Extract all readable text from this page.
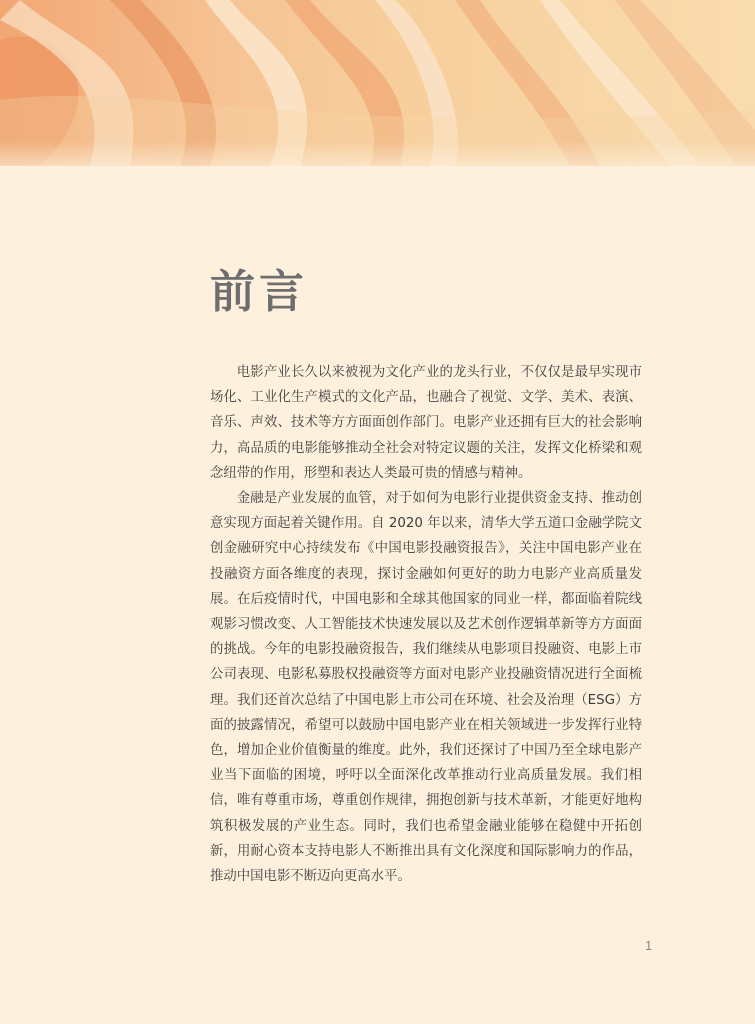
前言

电影产业长久以来被视为文化产业的龙头行业，不仅仅是最早实现市场化、工业化生产模式的文化产品，也融合了视觉、文学、美术、表演、音乐、声效、技术等方方面面创作部门。电影产业还拥有巨大的社会影响力，高品质的电影能够推动全社会对特定议题的关注，发挥文化桥梁和观念纽带的作用，形塑和表达人类最可贵的情感与精神。

金融是产业发展的血管，对于如何为电影行业提供资金支持、推动创意实现方面起着关键作用。自 2020 年以来，清华大学五道口金融学院文创金融研究中心持续发布《中国电影投融资报告》，关注中国电影产业在投融资方面各维度的表现，探讨金融如何更好的助力电影产业高质量发展。在后疫情时代，中国电影和全球其他国家的同业一样，都面临着院线观影习惯改变、人工智能技术快速发展以及艺术创作逻辑革新等方方面面的挑战。今年的电影投融资报告，我们继续从电影项目投融资、电影上市公司表现、电影私募股权投融资等方面对电影产业投融资情况进行全面梳理。我们还首次总结了中国电影上市公司在环境、社会及治理（ESG）方面的披露情况，希望可以鼓励中国电影产业在相关领域进一步发挥行业特色，增加企业价值衡量的维度。此外，我们还探讨了中国乃至全球电影产业当下面临的困境，呼吁以全面深化改革推动行业高质量发展。我们相信，唯有尊重市场，尊重创作规律，拥抱创新与技术革新，才能更好地构筑积极发展的产业生态。同时，我们也希望金融业能够在稳健中开拓创新，用耐心资本支持电影人不断推出具有文化深度和国际影响力的作品，推动中国电影不断迈向更高水平。

1
